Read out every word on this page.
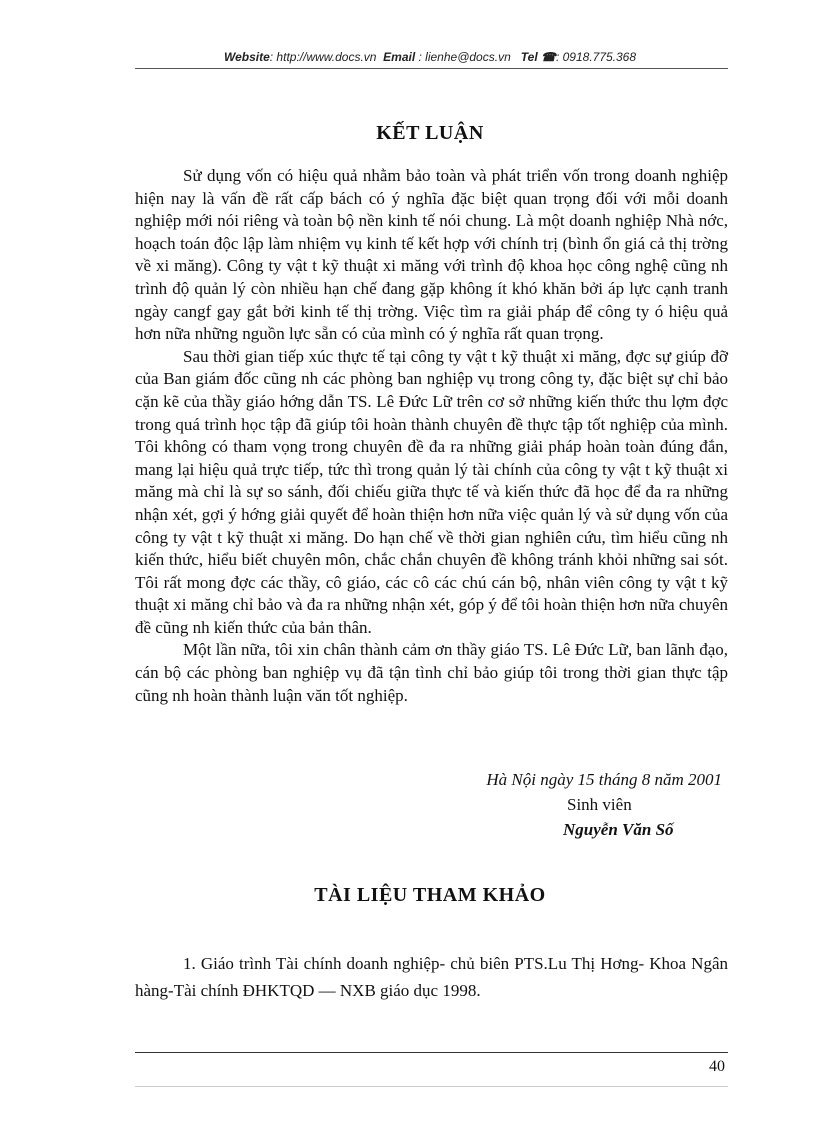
Website: http://www.docs.vn Email : lienhe@docs.vn Tel ☎: 0918.775.368
KẾT LUẬN

Sử dụng vốn có hiệu quả nhằm bảo toàn và phát triển vốn trong doanh nghiệp hiện nay là vấn đề rất cấp bách có ý nghĩa đặc biệt quan trọng đối với mỗi doanh nghiệp mới nói riêng và toàn bộ nền kinh tế nói chung. Là một doanh nghiệp Nhà nớc, hoạch toán độc lập làm nhiệm vụ kinh tế kết hợp với chính trị (bình ổn giá cả thị trờng về xi măng). Công ty vật t kỹ thuật xi măng với trình độ khoa học công nghệ cũng nh trình độ quản lý còn nhiều hạn chế đang gặp không ít khó khăn bởi áp lực cạnh tranh ngày cangf gay gắt bởi kinh tế thị trờng. Việc tìm ra giải pháp để công ty ó hiệu quả hơn nữa những nguồn lực sẵn có của mình có ý nghĩa rất quan trọng.

Sau thời gian tiếp xúc thực tế tại công ty vật t kỹ thuật xi măng, đợc sự giúp đỡ của Ban giám đốc cũng nh các phòng ban nghiệp vụ trong công ty, đặc biệt sự chỉ bảo cặn kẽ của thầy giáo hớng dẫn TS. Lê Đức Lữ trên cơ sở những kiến thức thu lợm đợc trong quá trình học tập đã giúp tôi hoàn thành chuyên đề thực tập tốt nghiệp của mình. Tôi không có tham vọng trong chuyên đề đa ra những giải pháp hoàn toàn đúng đắn, mang lại hiệu quả trực tiếp, tức thì trong quản lý tài chính của công ty vật t kỹ thuật xi măng mà chỉ là sự so sánh, đối chiếu giữa thực tế và kiến thức đã học để đa ra những nhận xét, gợi ý hớng giải quyết để hoàn thiện hơn nữa việc quản lý và sử dụng vốn của công ty vật t kỹ thuật xi măng. Do hạn chế về thời gian nghiên cứu, tìm hiểu cũng nh kiến thức, hiểu biết chuyên môn, chắc chắn chuyên đề không tránh khỏi những sai sót. Tôi rất mong đợc các thầy, cô giáo, các cô các chú cán bộ, nhân viên công ty vật t kỹ thuật xi măng chỉ bảo và đa ra những nhận xét, góp ý để tôi hoàn thiện hơn nữa chuyên đề cũng nh kiến thức của bản thân.

Một lần nữa, tôi xin chân thành cảm ơn thầy giáo TS. Lê Đức Lữ, ban lãnh đạo, cán bộ các phòng ban nghiệp vụ đã tận tình chỉ bảo giúp tôi trong thời gian thực tập cũng nh hoàn thành luận văn tốt nghiệp.

Hà Nội ngày 15 tháng 8 năm 2001
Sinh viên
Nguyễn Văn Số
TÀI LIỆU THAM KHẢO

1. Giáo trình Tài chính doanh nghiệp- chủ biên PTS.Lu Thị Hơng- Khoa Ngân hàng-Tài chính ĐHKTQD — NXB giáo dục 1998.

40
